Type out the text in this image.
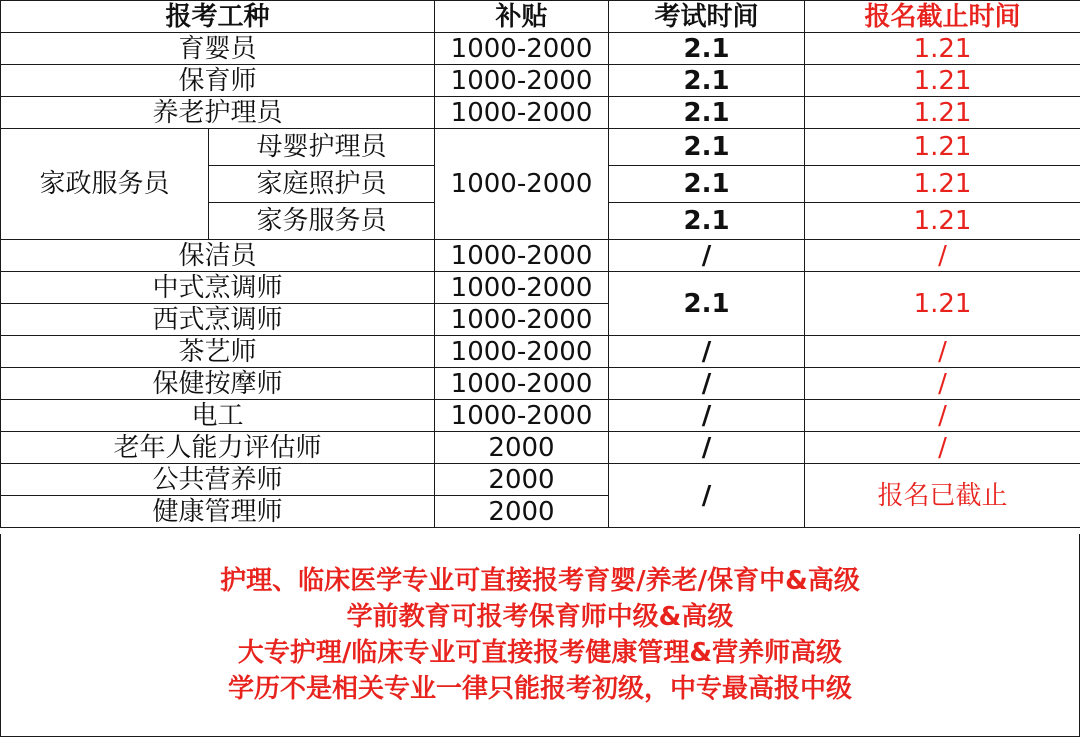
报考工种		补贴	考试时间	报名截止时间
育婴员		1000-2000	2.1	1.21
保育师		1000-2000	2.1	1.21
养老护理员		1000-2000	2.1	1.21
家政服务员	母婴护理员	1000-2000	2.1	1.21
	家庭照护员		2.1	1.21
	家务服务员		2.1	1.21
保洁员		1000-2000	/	/
中式烹调师		1000-2000	2.1	1.21
西式烹调师		1000-2000		
茶艺师		1000-2000	/	/
保健按摩师		1000-2000	/	/
电工		1000-2000	/	/
老年人能力评估师		2000	/	/
公共营养师		2000	/	报名已截止
健康管理师		2000		
护理、临床医学专业可直接报考育婴/养老/保育中&高级
学前教育可报考保育师中级&高级
大专护理/临床专业可直接报考健康管理&营养师高级
学历不是相关专业一律只能报考初级，中专最高报中级
